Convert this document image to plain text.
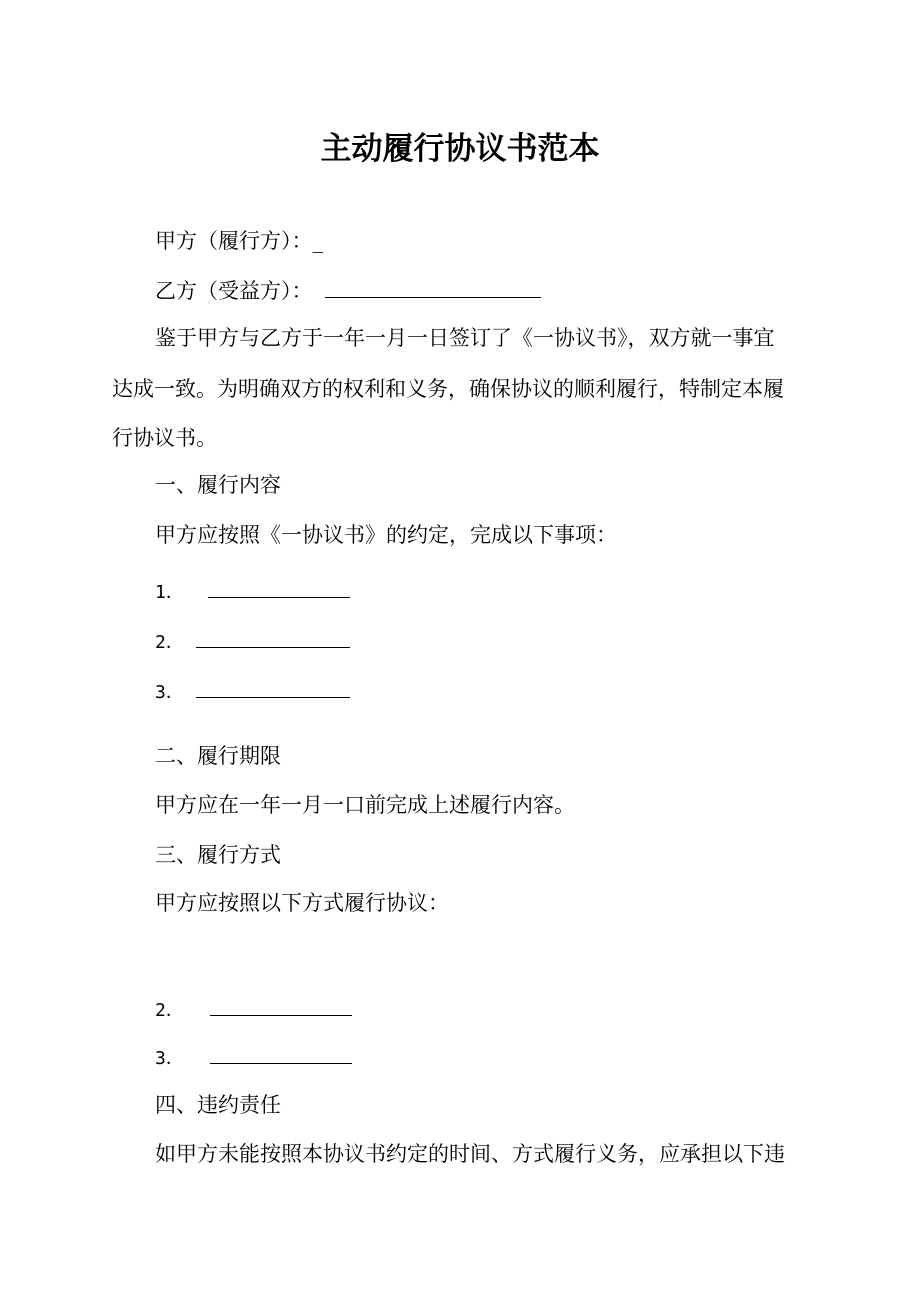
主动履行协议书范本
甲方（履行方）：_
乙方（受益方）：
鉴于甲方与乙方于一年一月一日签订了《一协议书》，双方就一事宜
达成一致。为明确双方的权利和义务，确保协议的顺利履行，特制定本履
行协议书。
一、履行内容
甲方应按照《一协议书》的约定，完成以下事项：
1．
2．
3．
二、履行期限
甲方应在一年一月一口前完成上述履行内容。
三、履行方式
甲方应按照以下方式履行协议：
2．
3．
四、违约责任
如甲方未能按照本协议书约定的时间、方式履行义务，应承担以下违
